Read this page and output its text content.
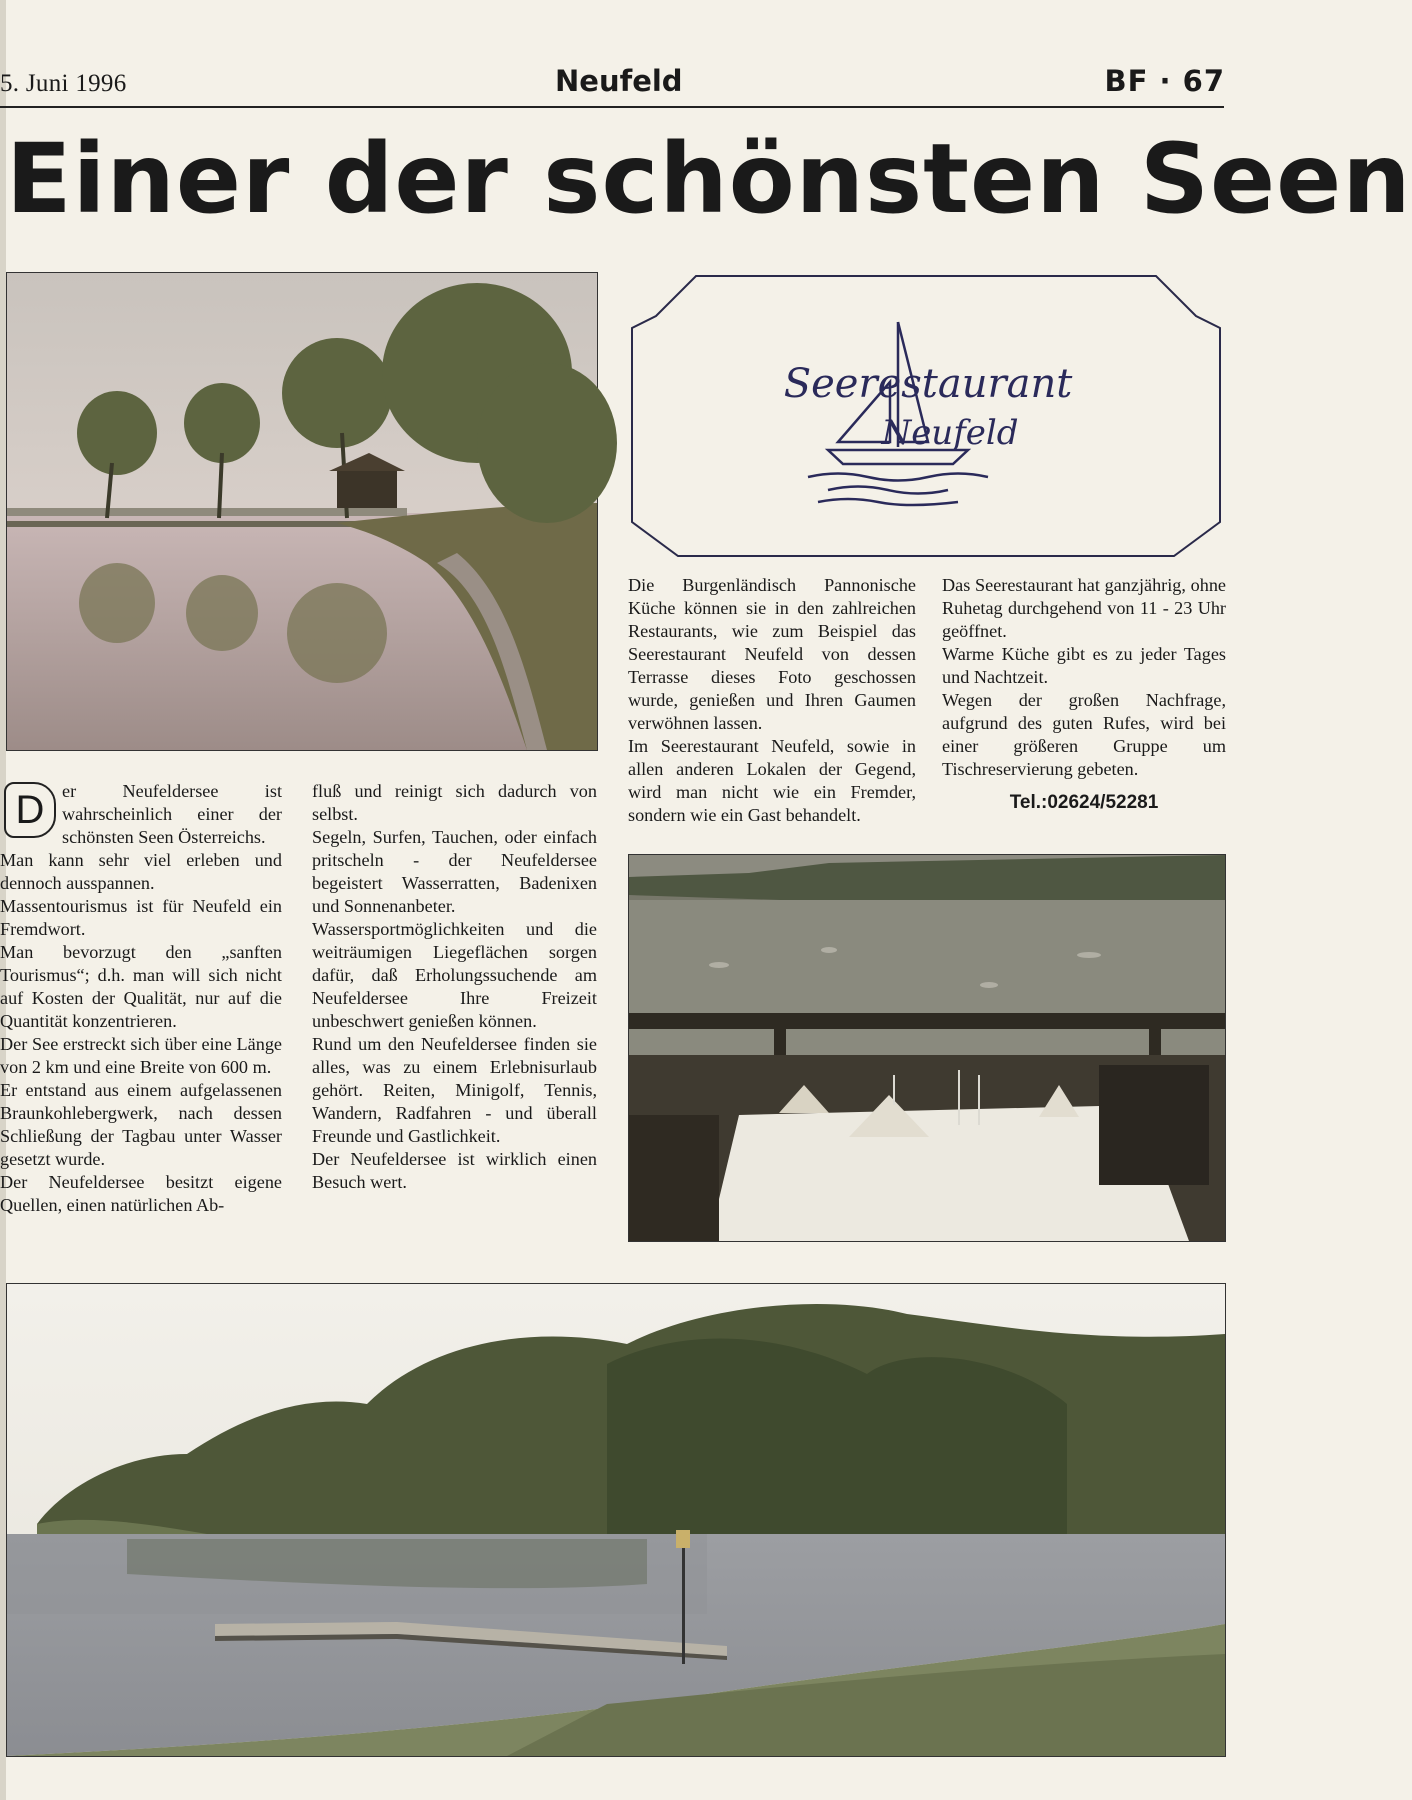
5. Juni 1996	Neufeld	BF · 67
Einer der schönsten Seen
Seerestaurant
Neufeld

D er Neufeldersee ist wahrscheinlich einer der schönsten Seen Österreichs.

Man kann sehr viel erleben und dennoch ausspannen.

Massentourismus ist für Neufeld ein Fremdwort.

Man bevorzugt den „sanften Tourismus“; d.h. man will sich nicht auf Kosten der Qualität, nur auf die Quantität konzentrieren.

Der See erstreckt sich über eine Länge von 2 km und eine Breite von 600 m.

Er entstand aus einem aufgelassenen Braunkohlebergwerk, nach dessen Schließung der Tagbau unter Wasser gesetzt wurde.

Der Neufeldersee besitzt eigene Quellen, einen natürlichen Ab-

fluß und reinigt sich dadurch von selbst.

Segeln, Surfen, Tauchen, oder einfach pritscheln - der Neufeldersee begeistert Wasserratten, Badenixen und Sonnenanbeter.

Wassersportmöglichkeiten und die weiträumigen Liegeflächen sorgen dafür, daß Erholungssuchende am Neufeldersee Ihre Freizeit unbeschwert genießen können.

Rund um den Neufeldersee finden sie alles, was zu einem Erlebnisurlaub gehört. Reiten, Minigolf, Tennis, Wandern, Radfahren - und überall Freunde und Gastlichkeit.

Der Neufeldersee ist wirklich einen Besuch wert.

Die Burgenländisch Pannonische Küche können sie in den zahlreichen Restaurants, wie zum Beispiel das Seerestaurant Neufeld von dessen Terrasse dieses Foto geschossen wurde, genießen und Ihren Gaumen verwöhnen lassen.

Im Seerestaurant Neufeld, sowie in allen anderen Lokalen der Gegend, wird man nicht wie ein Fremder, sondern wie ein Gast behandelt.

Das Seerestaurant hat ganzjährig, ohne Ruhetag durchgehend von 11 - 23 Uhr geöffnet.

Warme Küche gibt es zu jeder Tages und Nachtzeit.

Wegen der großen Nachfrage, aufgrund des guten Rufes, wird bei einer größeren Gruppe um Tischreservierung gebeten.

Tel.:02624/52281
